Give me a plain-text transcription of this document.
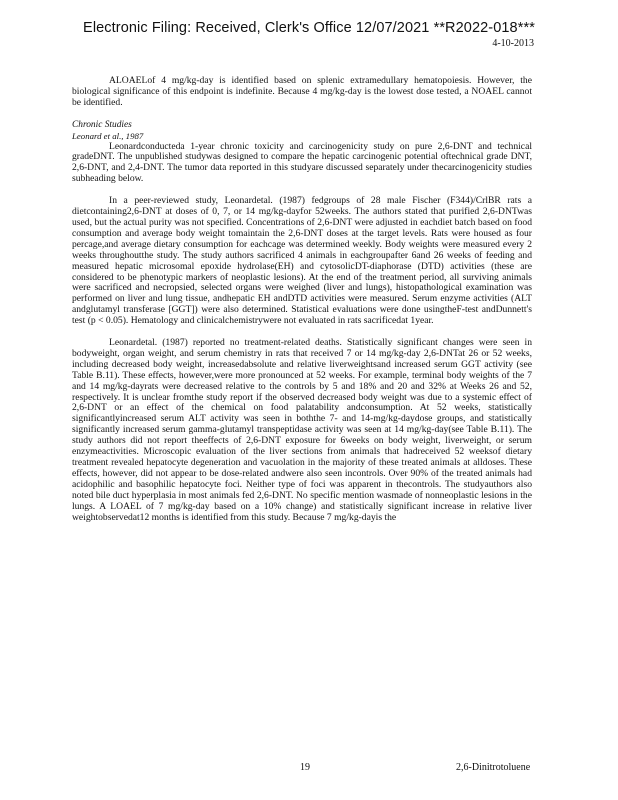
Electronic Filing: Received, Clerk's Office 12/07/2021 **R2022-018***
4-10-2013

ALOAELof 4 mg/kg-day is identified based on splenic extramedullary hematopoiesis. However, the biological significance of this endpoint is indefinite. Because 4 mg/kg-day is the lowest dose tested, a NOAEL cannot be identified.

Chronic Studies

Leonard et al., 1987

Leonardconducteda 1-year chronic toxicity and carcinogenicity study on pure 2,6-DNT and technical gradeDNT. The unpublished studywas designed to compare the hepatic carcinogenic potential oftechnical grade DNT, 2,6-DNT, and 2,4-DNT. The tumor data reported in this studyare discussed separately under thecarcinogenicity studies subheading below.

In a peer-reviewed study, Leonardetal. (1987) fedgroups of 28 male Fischer (F344)/CrlBR rats a dietcontaining2,6-DNT at doses of 0, 7, or 14 mg/kg-dayfor 52weeks. The authors stated that purified 2,6-DNTwas used, but the actual purity was not specified. Concentrations of 2,6-DNT were adjusted in eachdiet batch based on food consumption and average body weight tomaintain the 2,6-DNT doses at the target levels. Rats were housed as four percage,and average dietary consumption for eachcage was determined weekly. Body weights were measured every 2 weeks throughoutthe study. The study authors sacrificed 4 animals in eachgroupafter 6and 26 weeks of feeding and measured hepatic microsomal epoxide hydrolase(EH) and cytosolicDT-diaphorase (DTD) activities (these are considered to be phenotypic markers of neoplastic lesions). At the end of the treatment period, all surviving animals were sacrificed and necropsied, selected organs were weighed (liver and lungs), histopathological examination was performed on liver and lung tissue, andhepatic EH andDTD activities were measured. Serum enzyme activities (ALT andglutamyl transferase [GGT]) were also determined. Statistical evaluations were done usingtheF-test andDunnett's test (p < 0.05). Hematology and clinicalchemistrywere not evaluated in rats sacrificedat 1year.

Leonardetal. (1987) reported no treatment-related deaths. Statistically significant changes were seen in bodyweight, organ weight, and serum chemistry in rats that received 7 or 14 mg/kg-day 2,6-DNTat 26 or 52 weeks, including decreased body weight, increasedabsolute and relative liverweightsand increased serum GGT activity (see Table B.11). These effects, however,were more pronounced at 52 weeks. For example, terminal body weights of the 7 and 14 mg/kg-dayrats were decreased relative to the controls by 5 and 18% and 20 and 32% at Weeks 26 and 52, respectively. It is unclear fromthe study report if the observed decreased body weight was due to a systemic effect of 2,6-DNT or an effect of the chemical on food palatability andconsumption. At 52 weeks, statistically significantlyincreased serum ALT activity was seen in boththe 7- and 14-mg/kg-daydose groups, and statistically significantly increased serum gamma-glutamyl transpeptidase activity was seen at 14 mg/kg-day(see Table B.11). The study authors did not report theeffects of 2,6-DNT exposure for 6weeks on body weight, liverweight, or serum enzymeactivities. Microscopic evaluation of the liver sections from animals that hadreceived 52 weeksof dietary treatment revealed hepatocyte degeneration and vacuolation in the majority of these treated animals at alldoses. These effects, however, did not appear to be dose-related andwere also seen incontrols. Over 90% of the treated animals had acidophilic and basophilic hepatocyte foci. Neither type of foci was apparent in thecontrols. The studyauthors also noted bile duct hyperplasia in most animals fed 2,6-DNT. No specific mention wasmade of nonneoplastic lesions in the lungs. A LOAEL of 7 mg/kg-day based on a 10% change) and statistically significant increase in relative liver weightobservedat12 months is identified from this study. Because 7 mg/kg-dayis the

19	2,6-Dinitrotoluene
